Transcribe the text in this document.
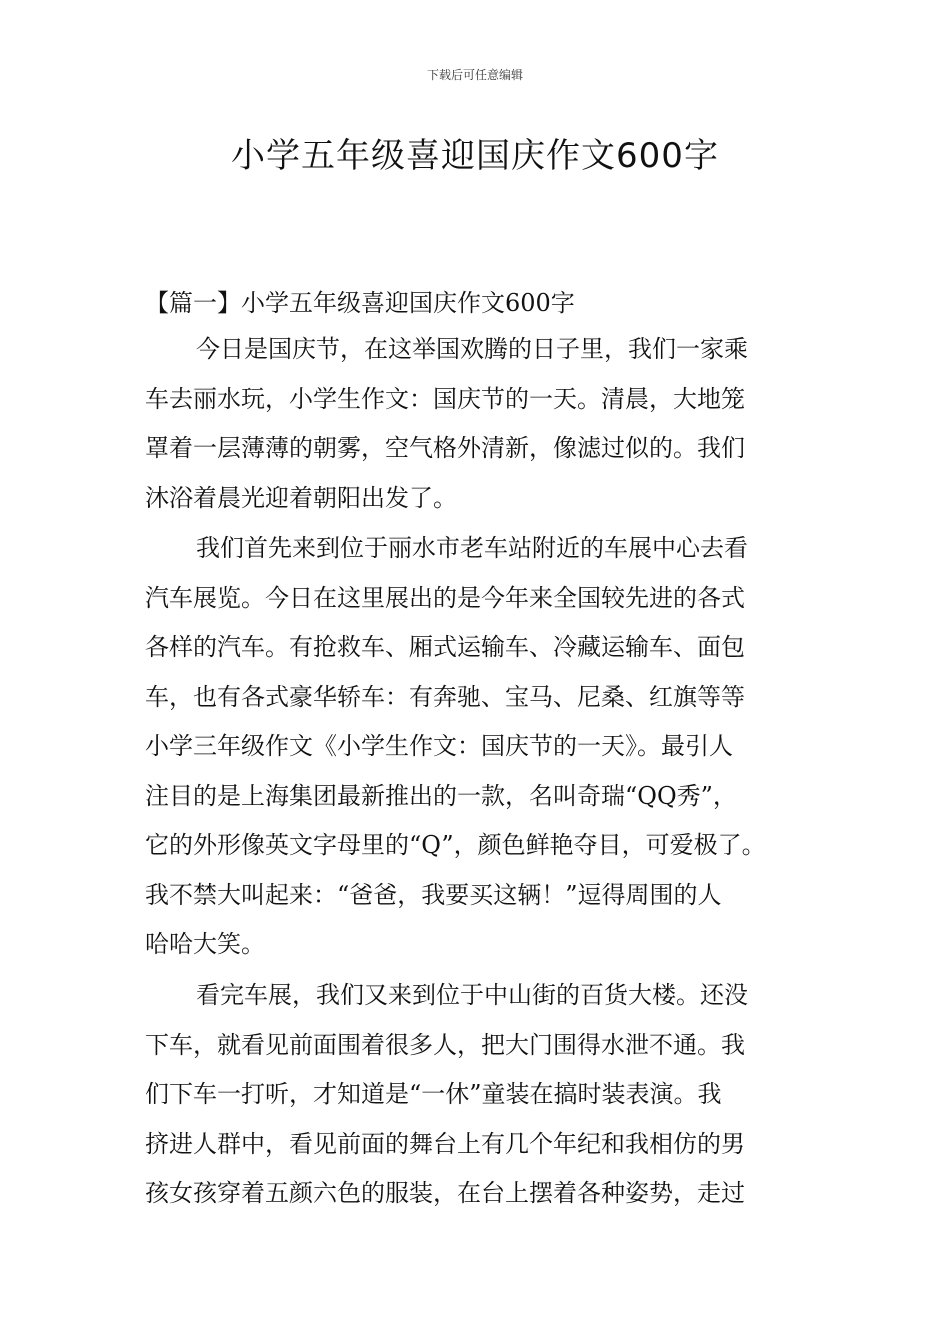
下载后可任意编辑
小学五年级喜迎国庆作文600字
【篇一】小学五年级喜迎国庆作文600字
今日是国庆节，在这举国欢腾的日子里，我们一家乘
车去丽水玩，小学生作文：国庆节的一天。清晨，大地笼
罩着一层薄薄的朝雾，空气格外清新，像滤过似的。我们
沐浴着晨光迎着朝阳出发了。
我们首先来到位于丽水市老车站附近的车展中心去看
汽车展览。今日在这里展出的是今年来全国较先进的各式
各样的汽车。有抢救车、厢式运输车、冷藏运输车、面包
车，也有各式豪华轿车：有奔驰、宝马、尼桑、红旗等等
小学三年级作文《小学生作文：国庆节的一天》。最引人
注目的是上海集团最新推出的一款，名叫奇瑞“QQ秀”，
它的外形像英文字母里的“Q”，颜色鲜艳夺目，可爱极了。
我不禁大叫起来：“爸爸，我要买这辆！”逗得周围的人
哈哈大笑。
看完车展，我们又来到位于中山街的百货大楼。还没
下车，就看见前面围着很多人，把大门围得水泄不通。我
们下车一打听，才知道是“一休”童装在搞时装表演。我
挤进人群中，看见前面的舞台上有几个年纪和我相仿的男
孩女孩穿着五颜六色的服装，在台上摆着各种姿势，走过
